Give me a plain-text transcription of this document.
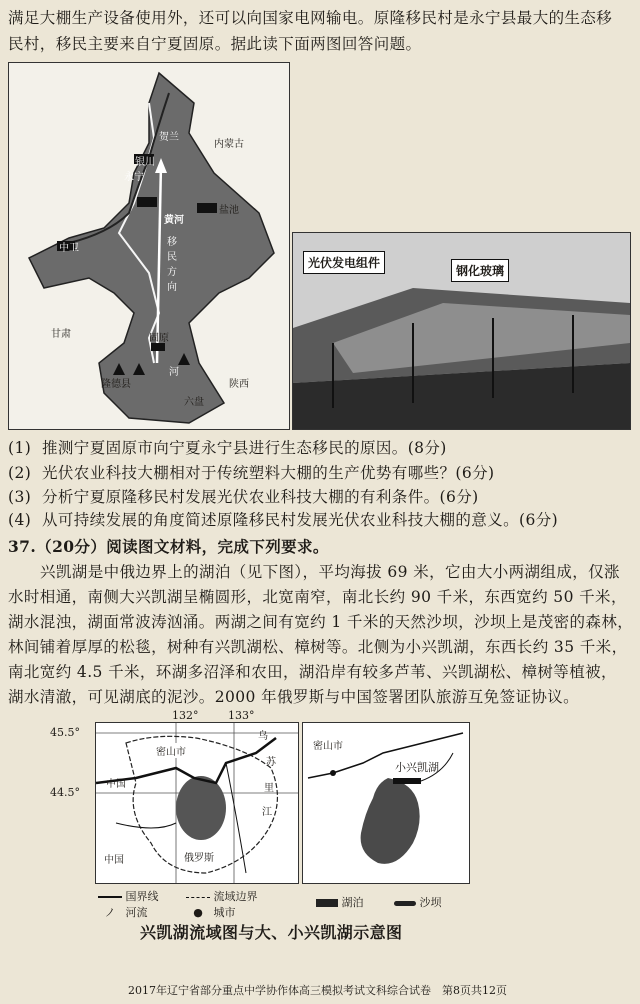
满足大棚生产设备使用外，还可以向国家电网输电。原隆移民村是永宁县最大的生态移
民村，移民主要来自宁夏固原。据此读下面两图回答问题。
内蒙古
贺兰
银川
永宁
盐池
中卫
黄河
移民方向
甘肃
河
固原
隆德县
六盘
陕西
光伏发电组件
钢化玻璃
(1) 推测宁夏固原市向宁夏永宁县进行生态移民的原因。(8分)
(2) 光伏农业科技大棚相对于传统塑料大棚的生产优势有哪些？(6分)
(3) 分析宁夏原隆移民村发展光伏农业科技大棚的有利条件。(6分)
(4) 从可持续发展的角度简述原隆移民村发展光伏农业科技大棚的意义。(6分)
37.（20分）阅读图文材料，完成下列要求。
兴凯湖是中俄边界上的湖泊（见下图），平均海拔 69 米，它由大小两湖组成，仅涨
水时相通，南侧大兴凯湖呈椭圆形，北宽南窄，南北长约 90 千米，东西宽约 50 千米，
湖水混浊，湖面常波涛汹涌。两湖之间有宽约 1 千米的天然沙坝，沙坝上是茂密的森林，
林间铺着厚厚的松毯，树种有兴凯湖松、樟树等。北侧为小兴凯湖，东西长约 35 千米，
南北宽约 4.5 千米，环湖多沼泽和农田，湖沿岸有较多芦苇、兴凯湖松、樟树等植被，
湖水清澈，可见湖底的泥沙。2000 年俄罗斯与中国签署团队旅游互免签证协议。
132°	133°
45.5°
44.5°
密山市
中国
中国	俄罗斯
乌
苏
里
江
国界线	流域边界
ノ 河流	● 城市
密山市
小兴凯湖
湖泊	沙坝
兴凯湖流域图与大、小兴凯湖示意图
2017年辽宁省部分重点中学协作体高三模拟考试文科综合试卷　第8页共12页
